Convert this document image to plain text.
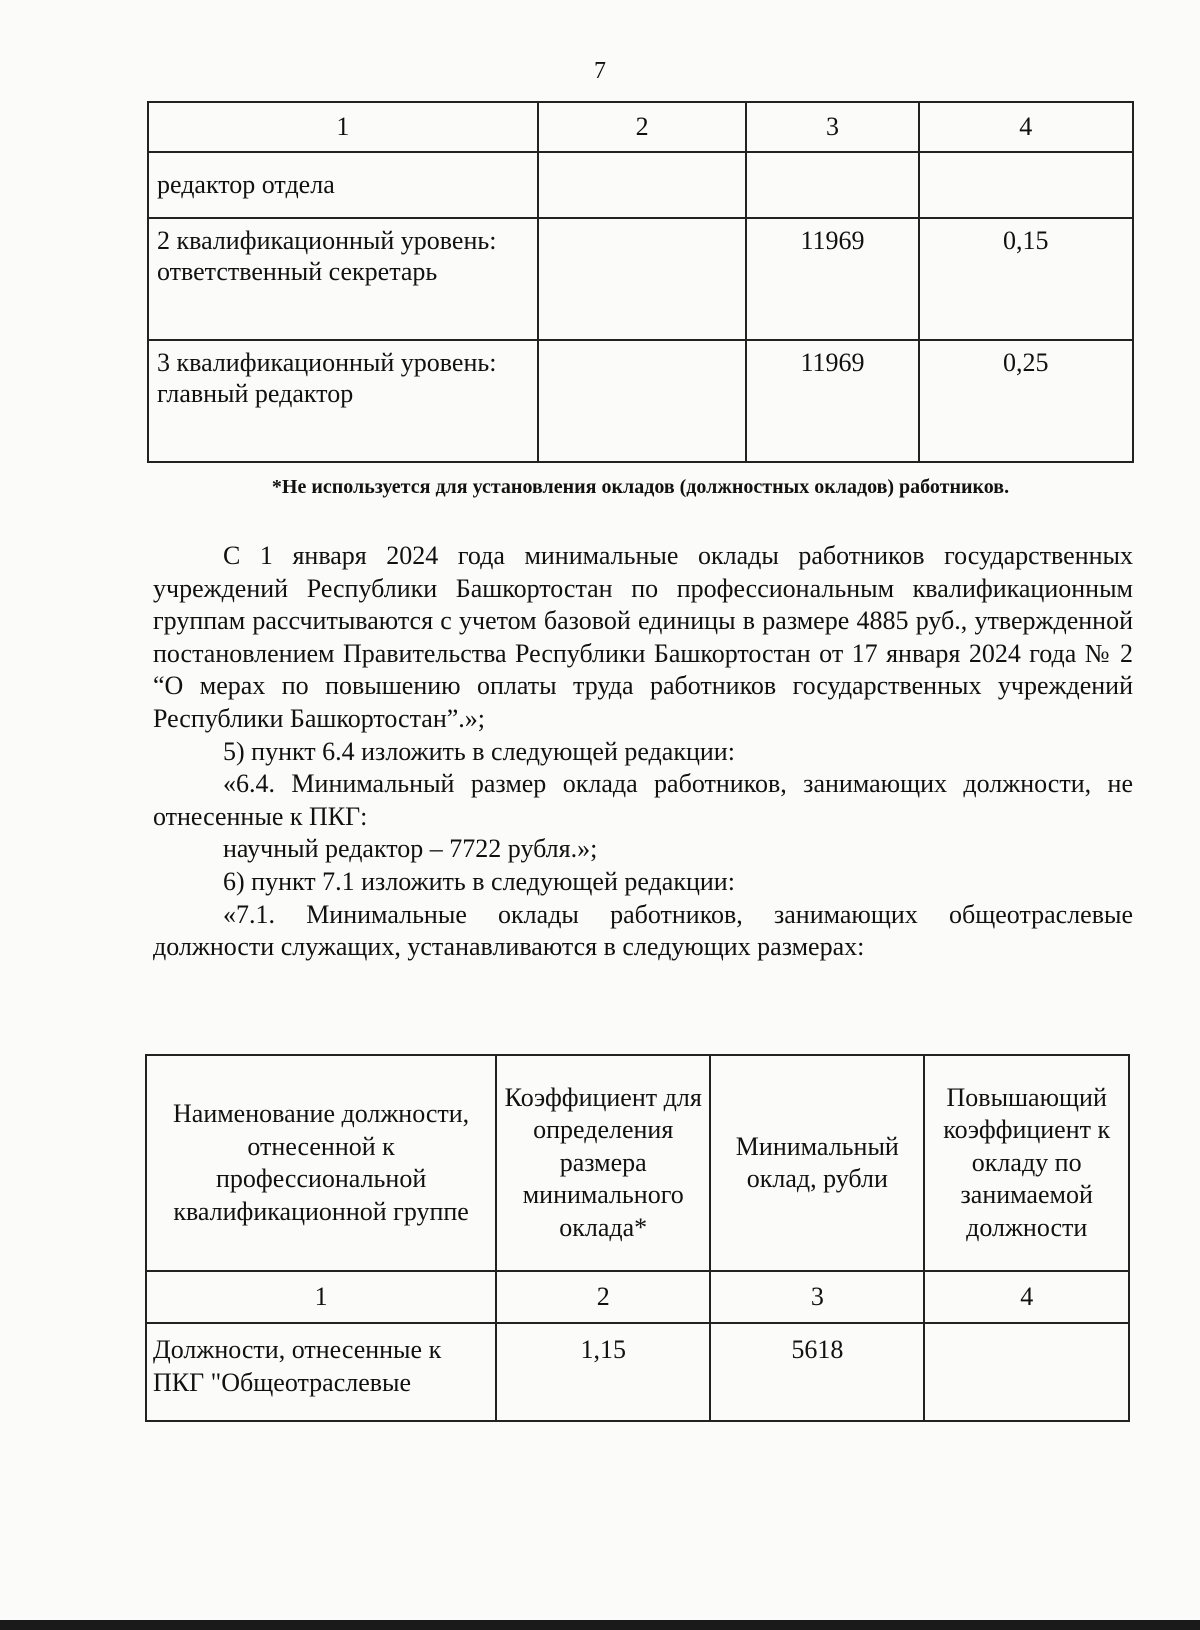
7
1	2	3	4
редактор отдела			
2 квалификационный уровень: ответственный секретарь		11969	0,15
3 квалификационный уровень: главный редактор		11969	0,25
*Не используется для установления окладов (должностных окладов) работников.

С 1 января 2024 года минимальные оклады работников государственных учреждений Республики Башкортостан по профессиональным квалификационным группам рассчитываются с учетом базовой единицы в размере 4885 руб., утвержденной постановлением Правительства Республики Башкортостан от 17 января 2024 года № 2 “О мерах по повышению оплаты труда работников государственных учреждений Республики Башкортостан”.»;

5) пункт 6.4 изложить в следующей редакции:

«6.4. Минимальный размер оклада работников, занимающих должности, не отнесенные к ПКГ:

научный редактор – 7722 рубля.»;

6) пункт 7.1 изложить в следующей редакции:

«7.1. Минимальные оклады работников, занимающих общеотраслевые должности служащих, устанавливаются в следующих размерах:

Наименование должности, отнесенной к профессиональной квалификационной группе	Коэффициент для определения размера минимального оклада*	Минимальный оклад, рубли	Повышающий коэффициент к окладу по занимаемой должности
1	2	3	4
Должности, отнесенные к ПКГ "Общеотраслевые	1,15	5618	
